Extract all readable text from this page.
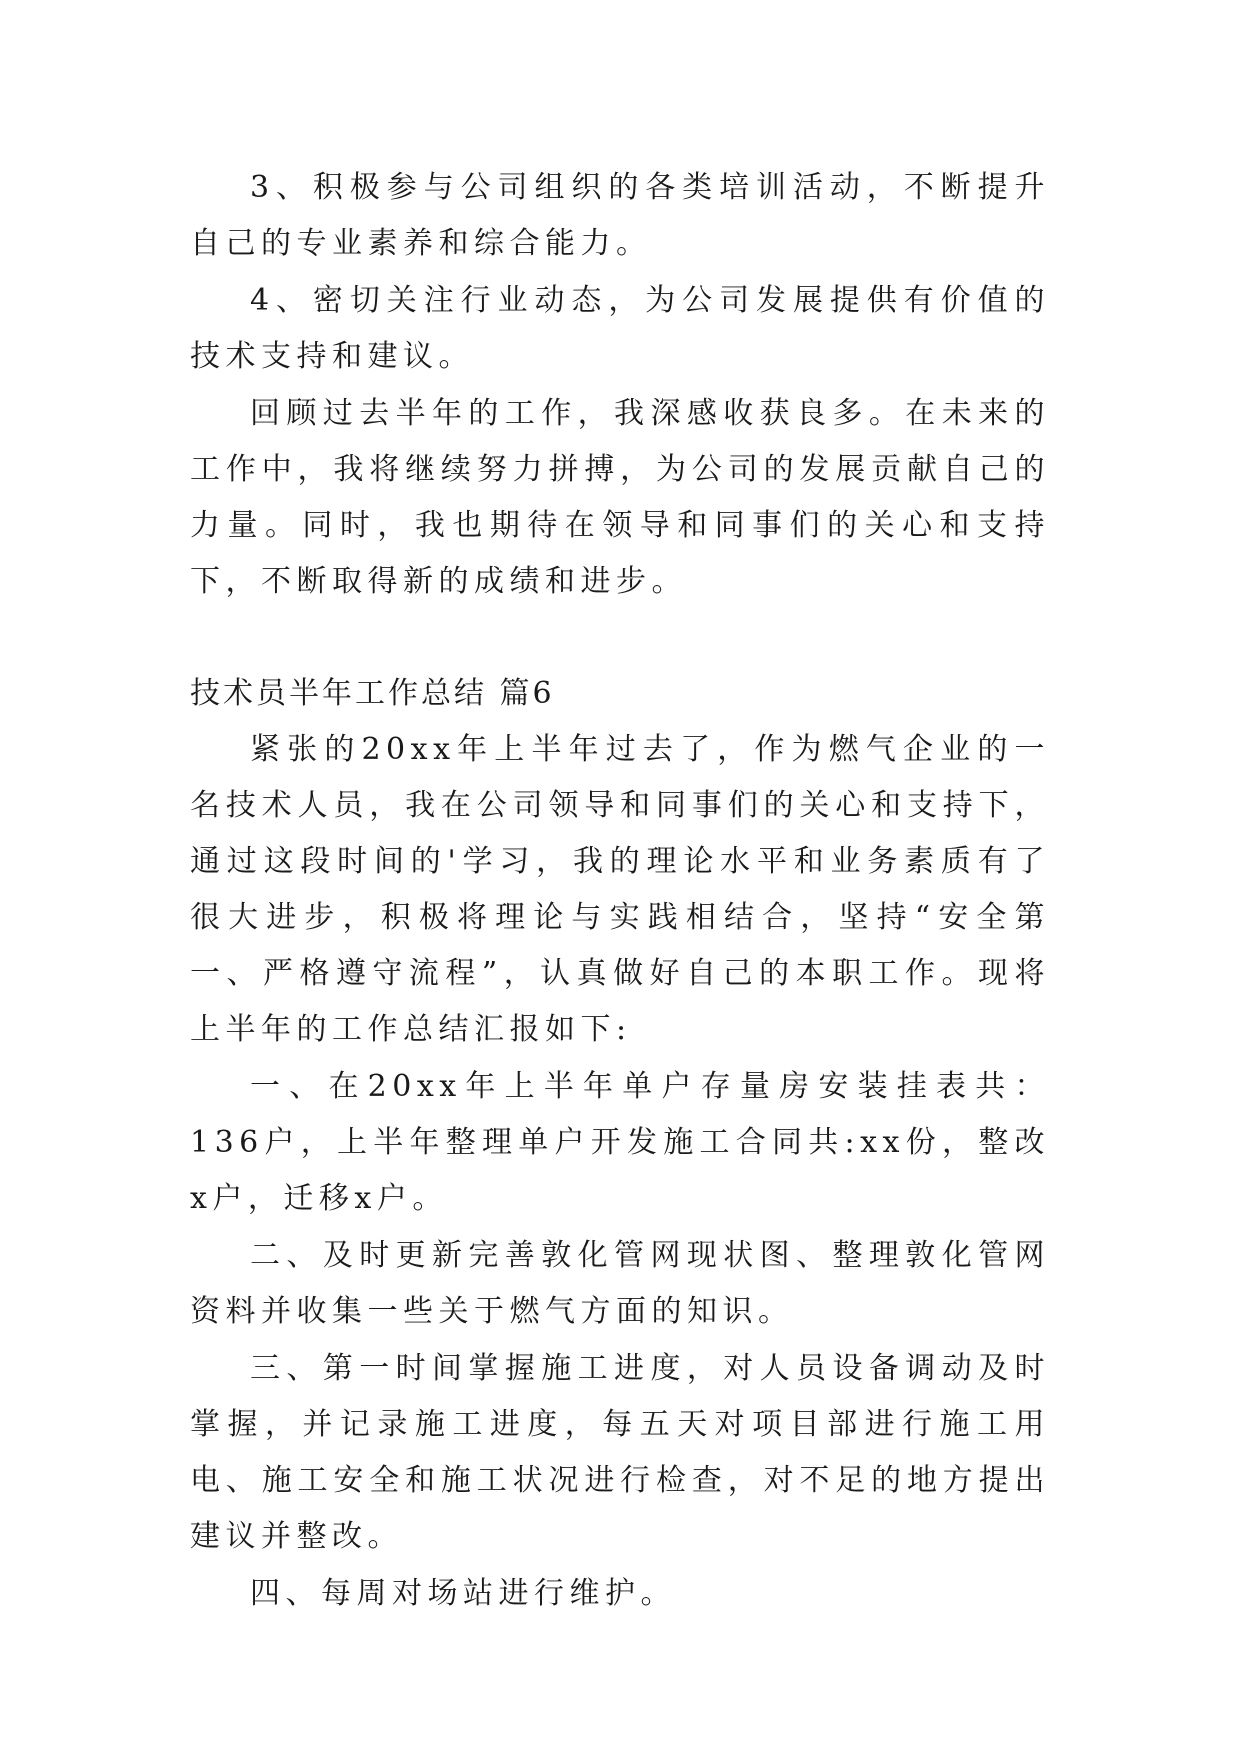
3、积极参与公司组织的各类培训活动，不断提升自己的专业素养和综合能力。

4、密切关注行业动态，为公司发展提供有价值的技术支持和建议。

回顾过去半年的工作，我深感收获良多。在未来的工作中，我将继续努力拼搏，为公司的发展贡献自己的力量。同时，我也期待在领导和同事们的关心和支持下，不断取得新的成绩和进步。

技术员半年工作总结 篇6

紧张的20xx年上半年过去了，作为燃气企业的一名技术人员，我在公司领导和同事们的关心和支持下，通过这段时间的'学习，我的理论水平和业务素质有了很大进步，积极将理论与实践相结合，坚持“安全第一、严格遵守流程”，认真做好自己的本职工作。现将上半年的工作总结汇报如下:

一、在20xx年上半年单户存量房安装挂表共：136户，上半年整理单户开发施工合同共:xx份，整改x户，迁移x户。

二、及时更新完善敦化管网现状图、整理敦化管网资料并收集一些关于燃气方面的知识。

三、第一时间掌握施工进度，对人员设备调动及时掌握，并记录施工进度，每五天对项目部进行施工用电、施工安全和施工状况进行检查，对不足的地方提出建议并整改。

四、每周对场站进行维护。
